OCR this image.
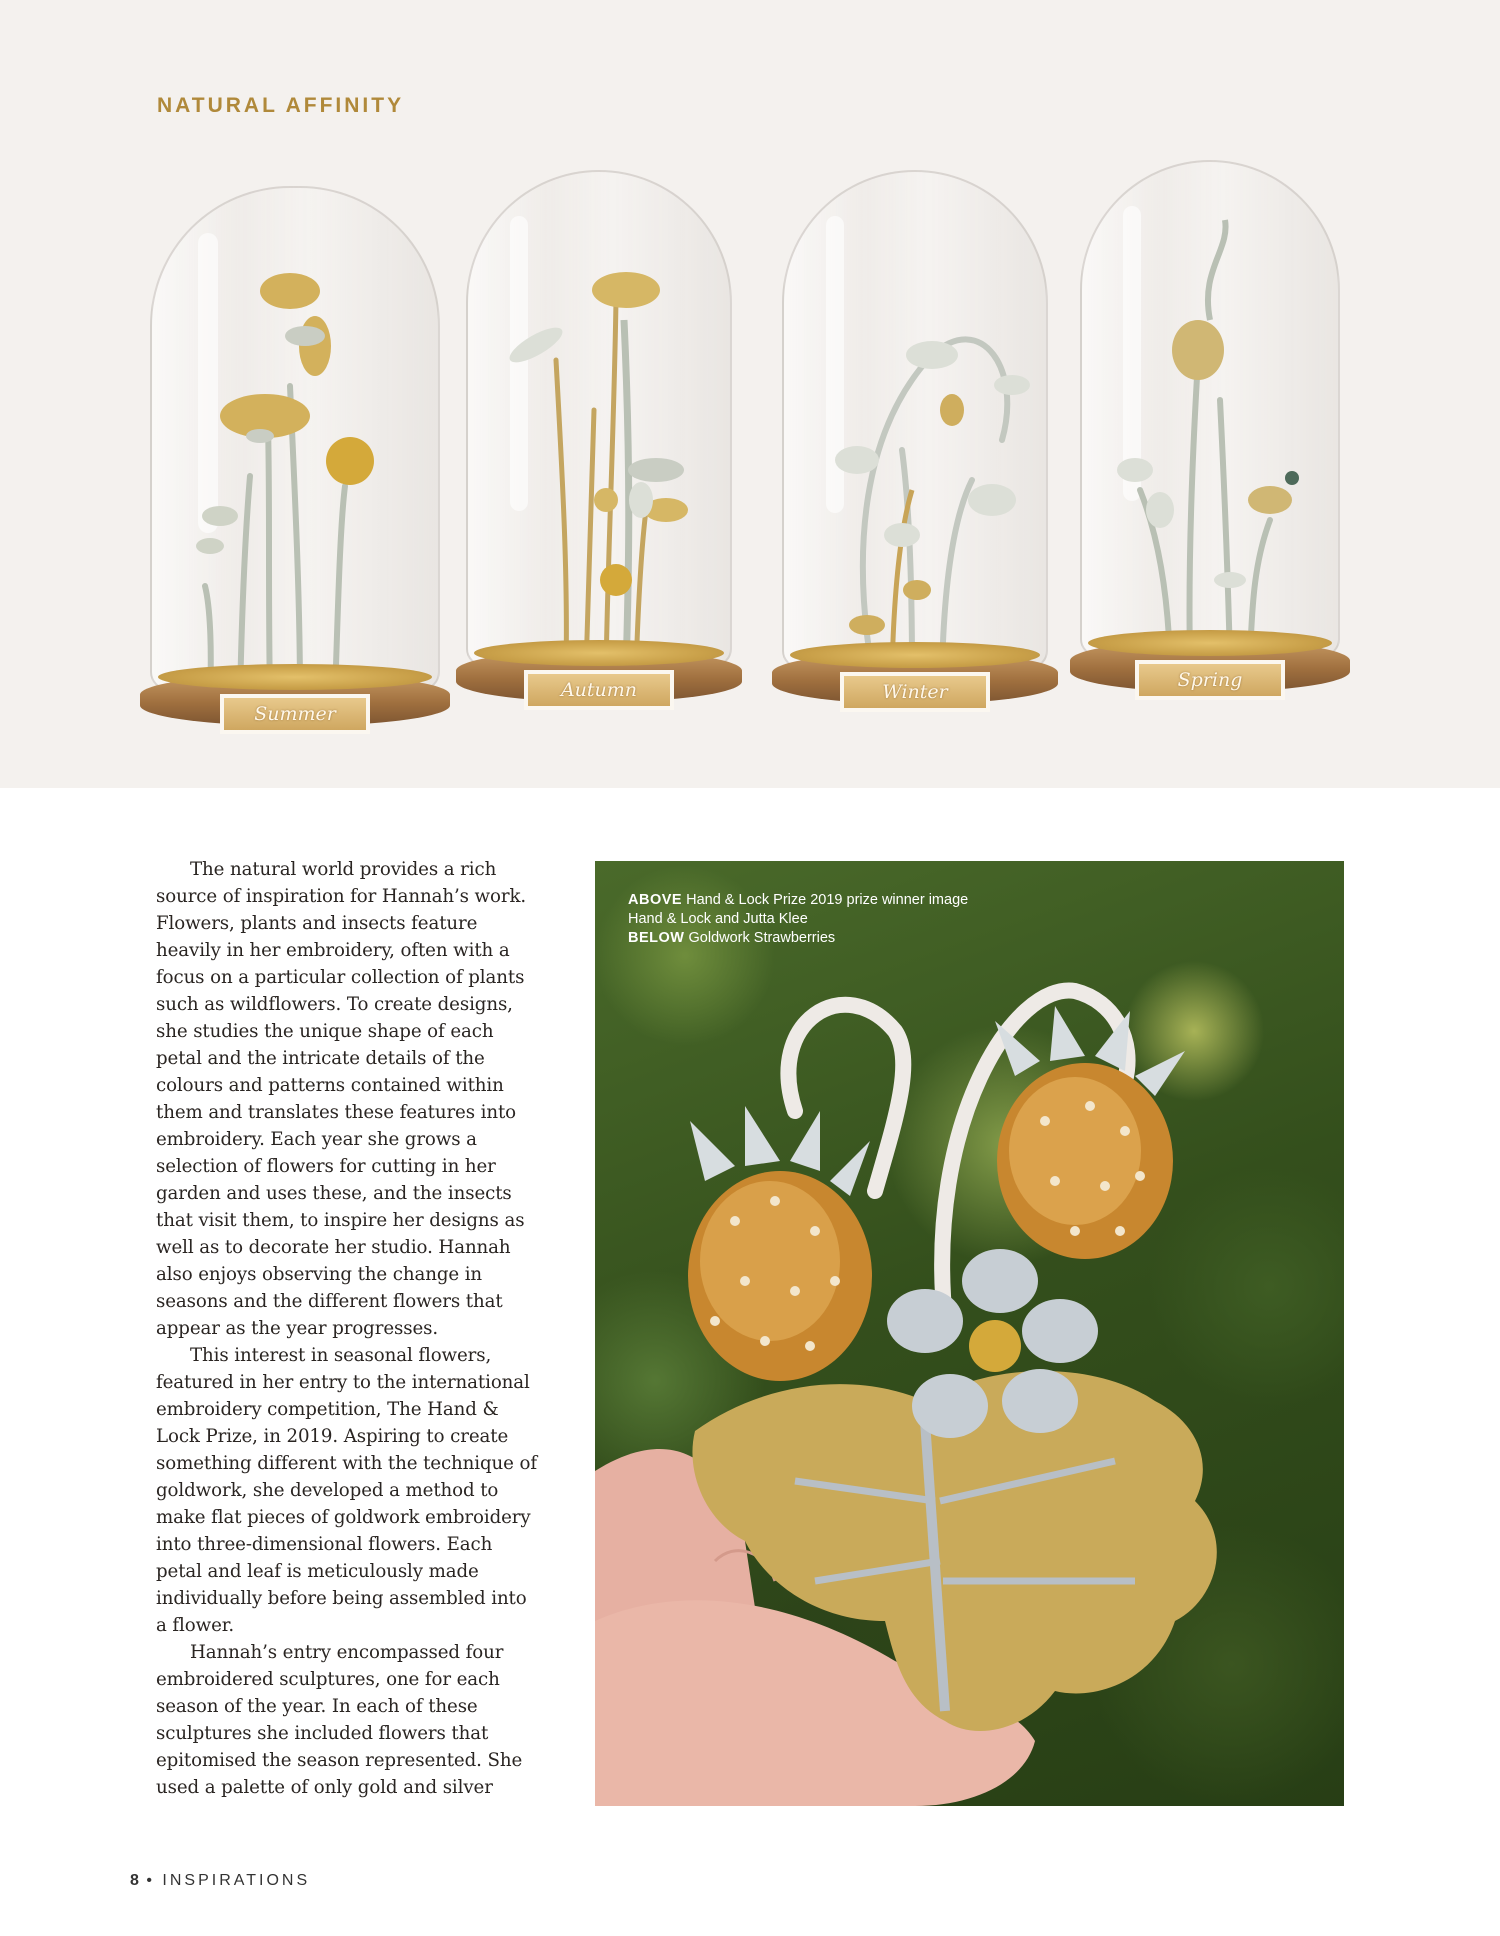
NATURAL AFFINITY
Summer
Autumn	Winter
Spring

The natural world provides a rich source of inspiration for Hannah’s work. Flowers, plants and insects feature heavily in her embroidery, often with a focus on a particular collection of plants such as wildflowers. To create designs, she studies the unique shape of each petal and the intricate details of the colours and patterns contained within them and translates these features into embroidery. Each year she grows a selection of flowers for cutting in her garden and uses these, and the insects that visit them, to inspire her designs as well as to decorate her studio. Hannah also enjoys observing the change in seasons and the different flowers that appear as the year progresses.

This interest in seasonal flowers, featured in her entry to the international embroidery competition, The Hand & Lock Prize, in 2019. Aspiring to create something different with the technique of goldwork, she developed a method to make flat pieces of goldwork embroidery into three-dimensional flowers. Each petal and leaf is meticulously made individually before being assembled into a flower.

Hannah’s entry encompassed four embroidered sculptures, one for each season of the year. In each of these sculptures she included flowers that epitomised the season represented. She used a palette of only gold and silver

ABOVE Hand & Lock Prize 2019 prize winner image Hand & Lock and Jutta Klee
BELOW Goldwork Strawberries
8 • INSPIRATIONS
